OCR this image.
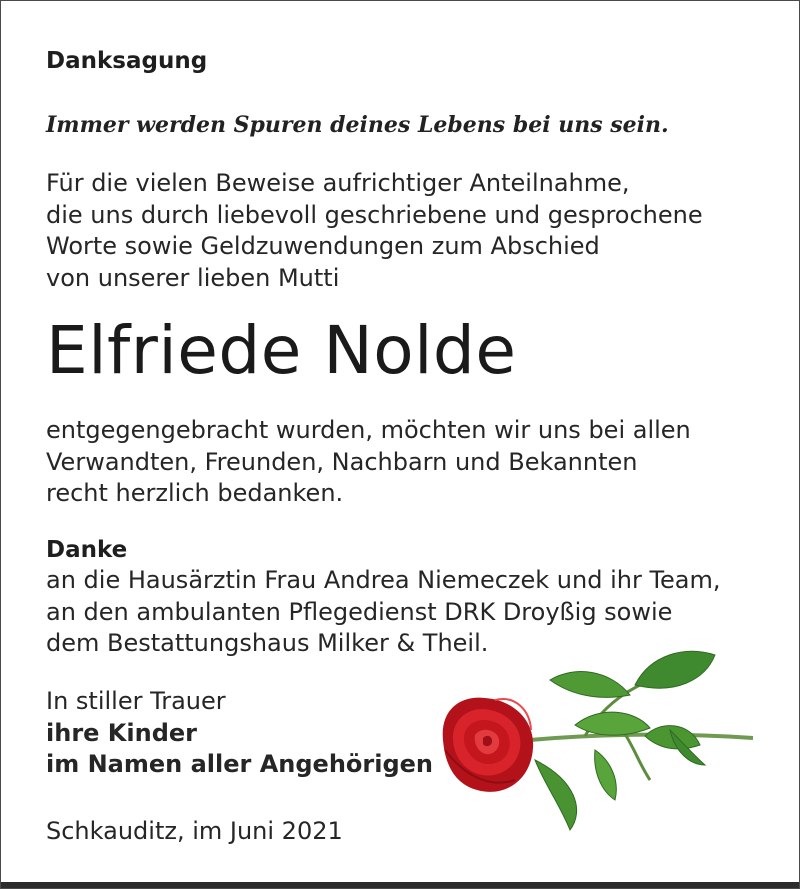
Danksagung
Immer werden Spuren deines Lebens bei uns sein.
Für die vielen Beweise aufrichtiger Anteilnahme,
die uns durch liebevoll geschriebene und gesprochene
Worte sowie Geldzuwendungen zum Abschied
von unserer lieben Mutti
Elfriede Nolde
entgegengebracht wurden, möchten wir uns bei allen
Verwandten, Freunden, Nachbarn und Bekannten
recht herzlich bedanken.
Danke
an die Hausärztin Frau Andrea Niemeczek und ihr Team,
an den ambulanten Pflegedienst DRK Droyßig sowie
dem Bestattungshaus Milker & Theil.
In stiller Trauer
ihre Kinder
im Namen aller Angehörigen
Schkauditz, im Juni 2021
